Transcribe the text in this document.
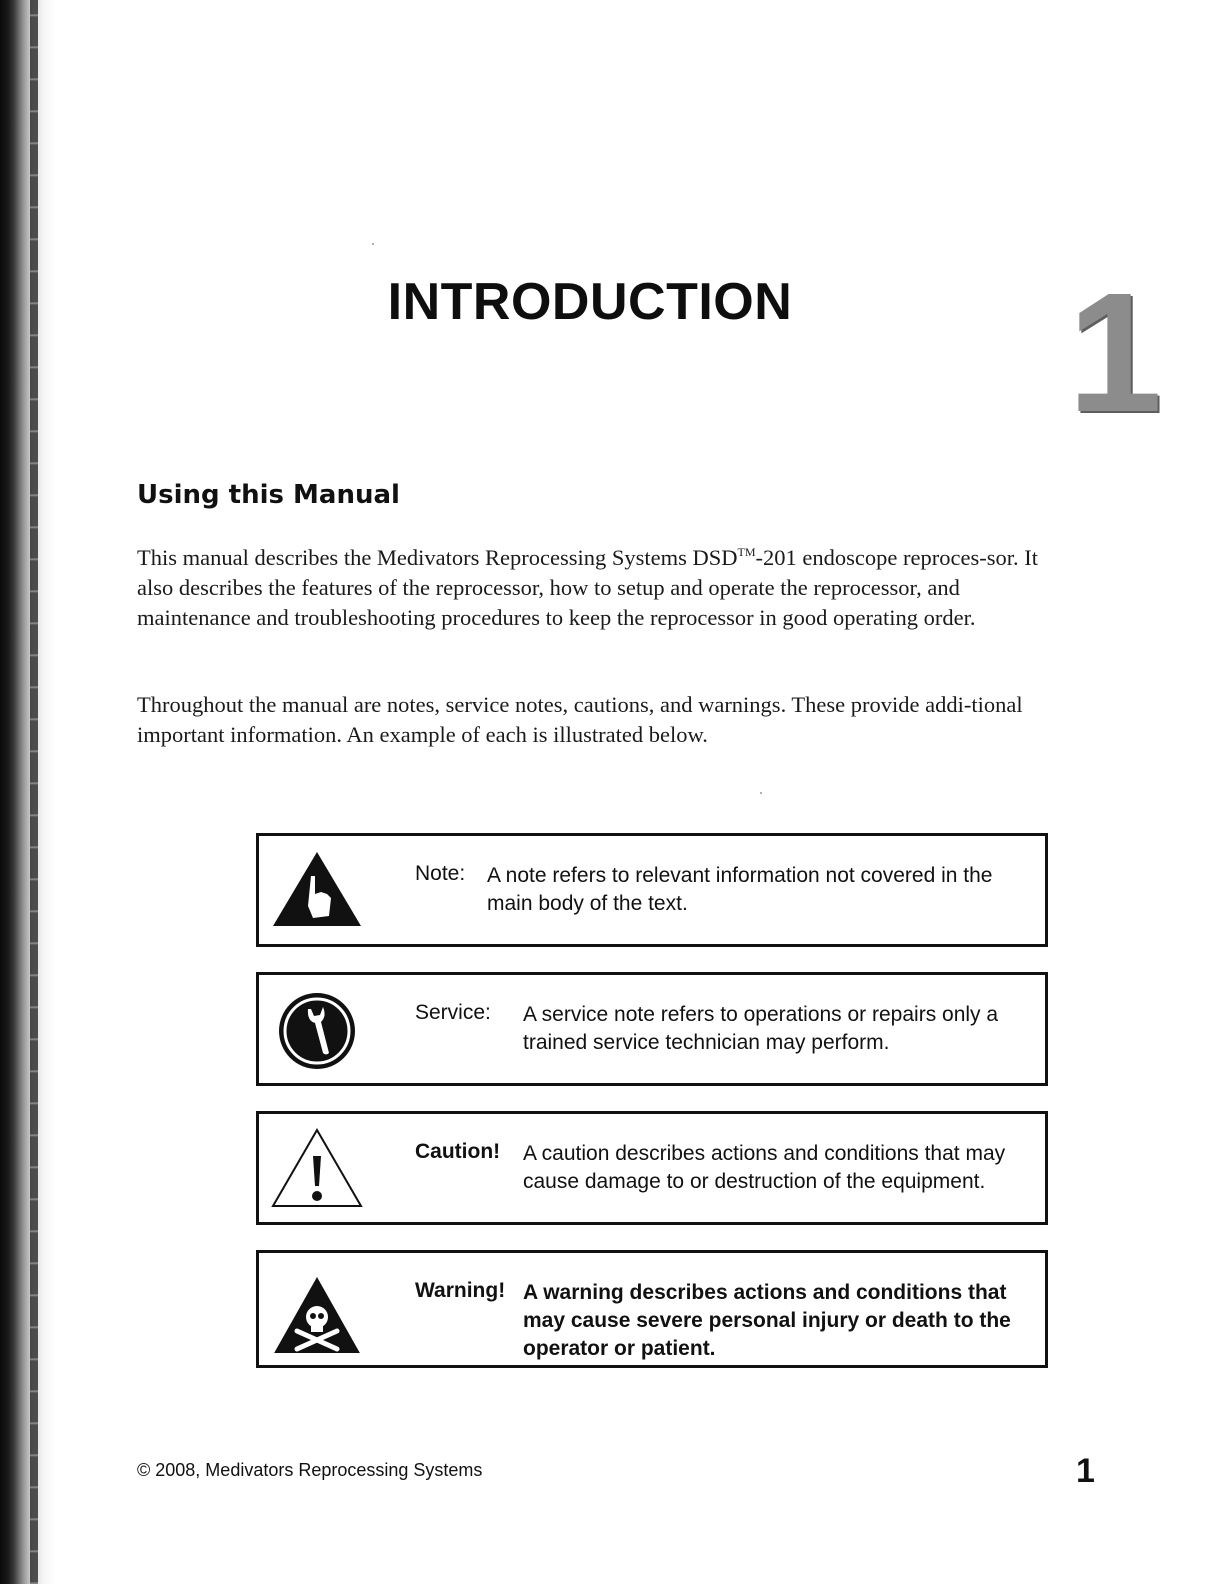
INTRODUCTION	1
Using this Manual
This manual describes the Medivators Reprocessing Systems DSD™-201 endoscope reproces-sor. It also describes the features of the reprocessor, how to setup and operate the reprocessor, and maintenance and troubleshooting procedures to keep the reprocessor in good operating order.
Throughout the manual are notes, service notes, cautions, and warnings. These provide addi-tional important information. An example of each is illustrated below.
Note: A note refers to relevant information not covered in the main body of the text.
Service: A service note refers to operations or repairs only a trained service technician may perform.
Caution! A caution describes actions and conditions that may cause damage to or destruction of the equipment.
Warning! A warning describes actions and conditions that may cause severe personal injury or death to the operator or patient.
© 2008, Medivators Reprocessing Systems	1
